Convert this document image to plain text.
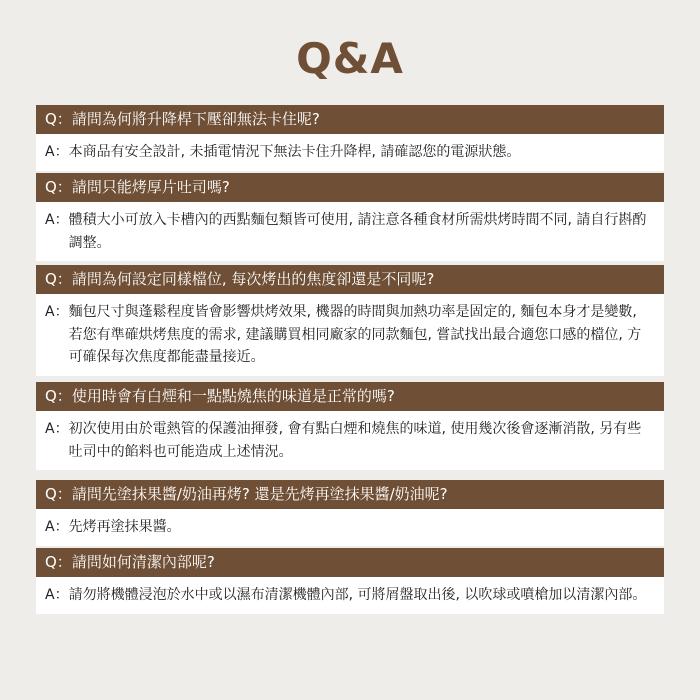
Q&A
Q：請問為何將升降桿下壓卻無法卡住呢?
A： 本商品有安全設計, 未插電情況下無法卡住升降桿, 請確認您的電源狀態。
Q：請問只能烤厚片吐司嗎?
A： 體積大小可放入卡槽內的西點麵包類皆可使用, 請注意各種食材所需烘烤時間不同, 請自行斟酌調整。
Q：請問為何設定同樣檔位, 每次烤出的焦度卻還是不同呢?
A： 麵包尺寸與蓬鬆程度皆會影響烘烤效果, 機器的時間與加熱功率是固定的, 麵包本身才是變數, 若您有準確烘烤焦度的需求, 建議購買相同廠家的同款麵包, 嘗試找出最合適您口感的檔位, 方可確保每次焦度都能盡量接近。
Q：使用時會有白煙和一點點燒焦的味道是正常的嗎?
A： 初次使用由於電熱管的保護油揮發, 會有點白煙和燒焦的味道, 使用幾次後會逐漸消散, 另有些吐司中的餡料也可能造成上述情況。
Q：請問先塗抹果醬/奶油再烤? 還是先烤再塗抹果醬/奶油呢?
A： 先烤再塗抹果醬。
Q：請問如何清潔內部呢?
A： 請勿將機體浸泡於水中或以濕布清潔機體內部, 可將屑盤取出後, 以吹球或噴槍加以清潔內部。
